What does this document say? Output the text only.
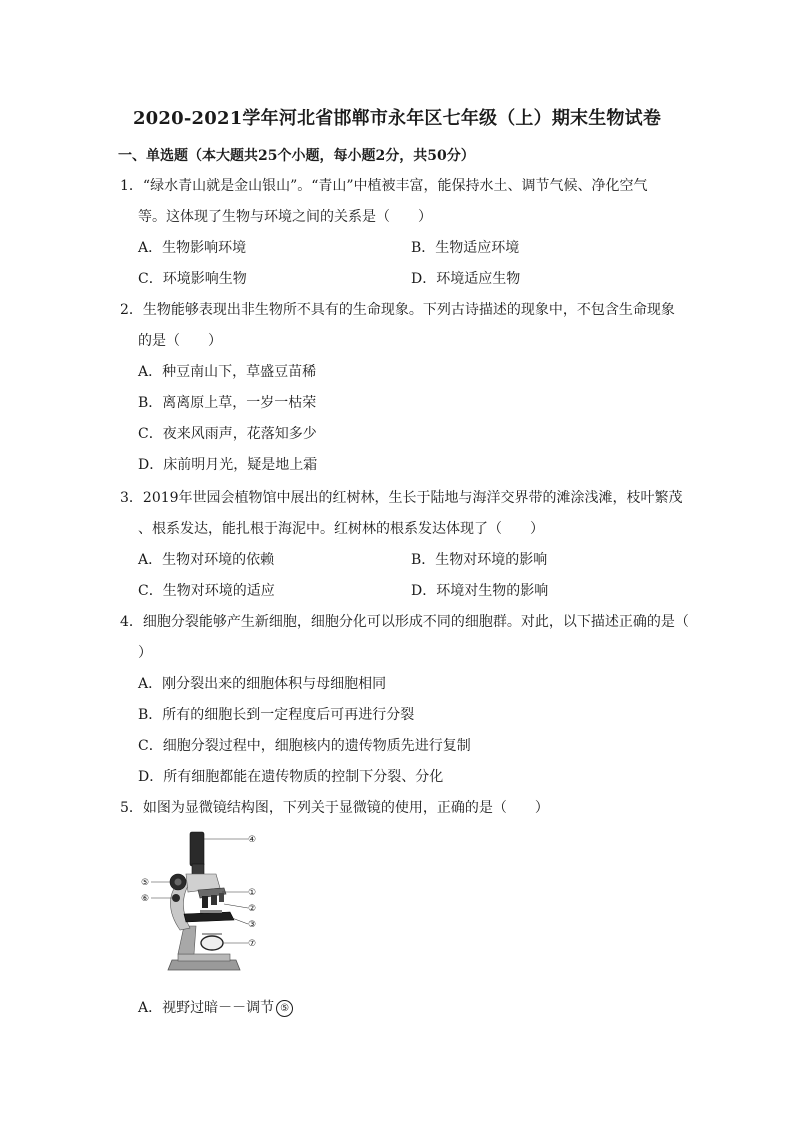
2020-2021学年河北省邯郸市永年区七年级（上）期末生物试卷
一、单选题（本大题共25个小题，每小题2分，共50分）
1．“绿水青山就是金山银山”。“青山”中植被丰富，能保持水土、调节气候、净化空气
等。这体现了生物与环境之间的关系是（　　）
A．生物影响环境	B．生物适应环境
C．环境影响生物	D．环境适应生物
2．生物能够表现出非生物所不具有的生命现象。下列古诗描述的现象中，不包含生命现象
的是（　　）
A．种豆南山下，草盛豆苗稀
B．离离原上草，一岁一枯荣
C．夜来风雨声，花落知多少
D．床前明月光，疑是地上霜
3．2019年世园会植物馆中展出的红树林，生长于陆地与海洋交界带的滩涂浅滩，枝叶繁茂
、根系发达，能扎根于海泥中。红树林的根系发达体现了（　　）
A．生物对环境的依赖	B．生物对环境的影响
C．生物对环境的适应	D．环境对生物的影响
4．细胞分裂能够产生新细胞，细胞分化可以形成不同的细胞群。对此，以下描述正确的是（
）
A．刚分裂出来的细胞体积与母细胞相同
B．所有的细胞长到一定程度后可再进行分裂
C．细胞分裂过程中，细胞核内的遗传物质先进行复制
D．所有细胞都能在遗传物质的控制下分裂、分化
5．如图为显微镜结构图，下列关于显微镜的使用，正确的是（　　）
④
⑤
⑥
①
②
③
⑦
A．视野过暗－－调节 ⑤
